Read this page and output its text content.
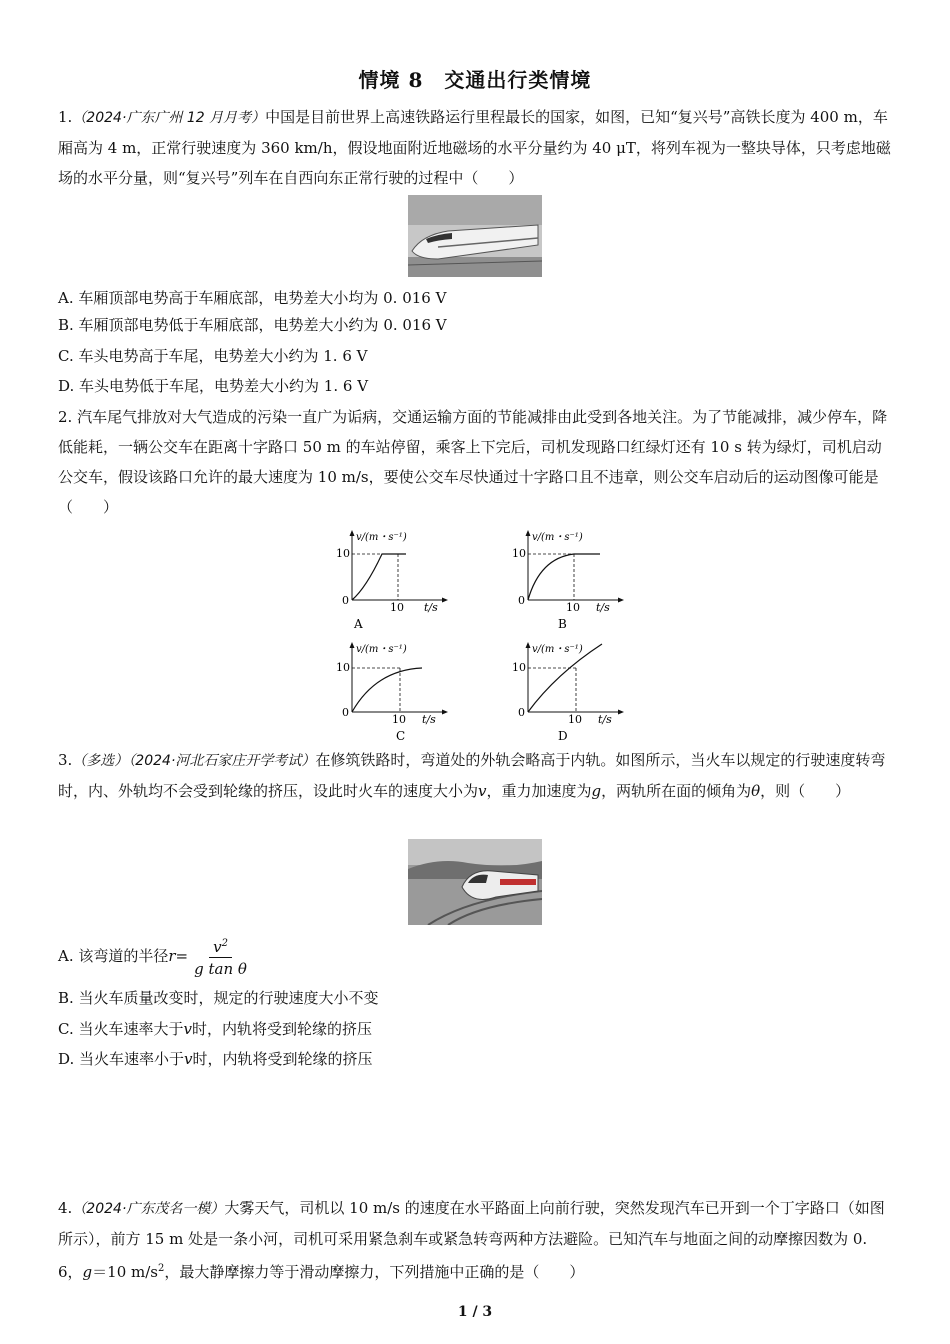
情境 8　交通出行类情境

1.（2024·广东广州 12 月月考）中国是目前世界上高速铁路运行里程最长的国家，如图，已知“复兴号”高铁长度为 400 m，车厢高为 4 m，正常行驶速度为 360 km/h，假设地面附近地磁场的水平分量约为 40 μT，将列车视为一整块导体，只考虑地磁场的水平分量，则“复兴号”列车在自西向东正常行驶的过程中（　　）

A. 车厢顶部电势高于车厢底部，电势差大小均为 0. 016 V
B. 车厢顶部电势低于车厢底部，电势差大小约为 0. 016 V
C. 车头电势高于车尾，电势差大小约为 1. 6 V
D. 车头电势低于车尾，电势差大小约为 1. 6 V

2. 汽车尾气排放对大气造成的污染一直广为诟病，交通运输方面的节能减排由此受到各地关注。为了节能减排，减少停车，降低能耗，一辆公交车在距离十字路口 50 m 的车站停留，乘客上下完后，司机发现路口红绿灯还有 10 s 转为绿灯，司机启动公交车，假设该路口允许的最大速度为 10 m/s，要使公交车尽快通过十字路口且不违章，则公交车启动后的运动图像可能是（　　）

v/(m・s⁻¹)
10
0
10 t/s
A
v/(m・s⁻¹)
10
0
10 t/s
B
v/(m・s⁻¹)
10
0
10 t/s
C
v/(m・s⁻¹)
10
0
10 t/s
D

3.（多选）（2024·河北石家庄开学考试）在修筑铁路时，弯道处的外轨会略高于内轨。如图所示，当火车以规定的行驶速度转弯时，内、外轨均不会受到轮缘的挤压，设此时火车的速度大小为v，重力加速度为g，两轨所在面的倾角为θ，则（　　）

A. 该弯道的半径$r= \frac{v^2}{\text{g tan θ}}$
B. 当火车质量改变时，规定的行驶速度大小不变
C. 当火车速率大于v时，内轨将受到轮缘的挤压
D. 当火车速率小于v时，内轨将受到轮缘的挤压

4.（2024·广东茂名一模）大雾天气，司机以 10 m/s 的速度在水平路面上向前行驶，突然发现汽车已开到一个丁字路口（如图所示），前方 15 m 处是一条小河，司机可采用紧急刹车或紧急转弯两种方法避险。已知汽车与地面之间的动摩擦因数为 0. 6，g＝10 $m/s^2$，最大静摩擦力等于滑动摩擦力，下列措施中正确的是（　　）

1 / 3
